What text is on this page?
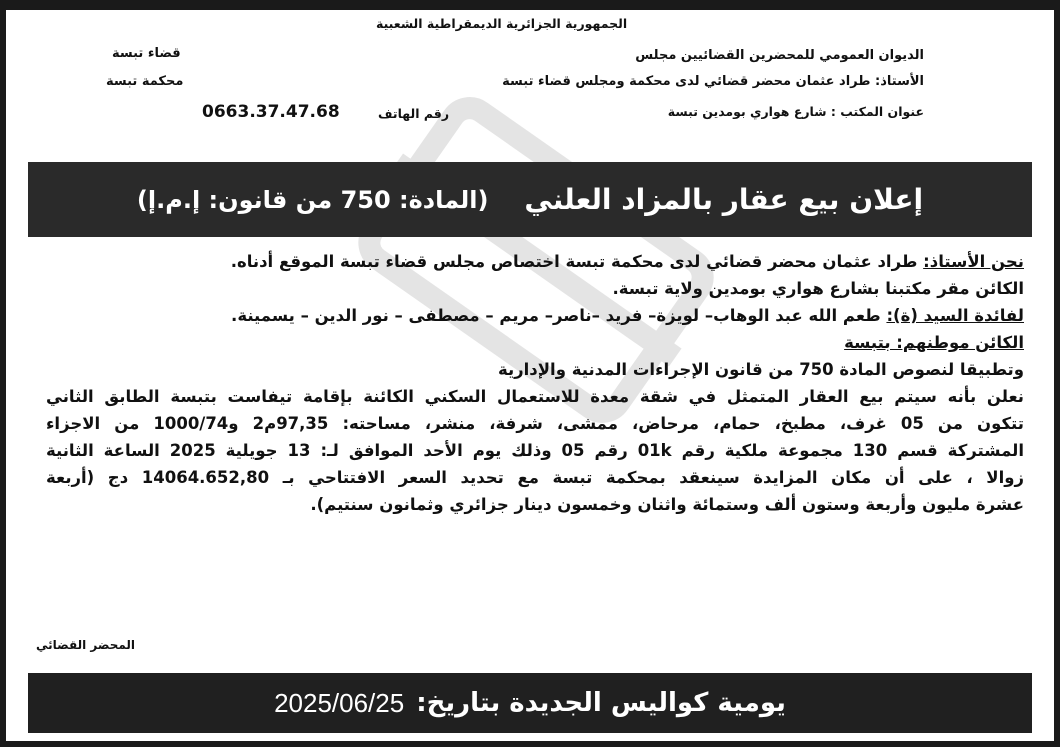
الجمهورية الجزائرية الديمقراطية الشعبية
الديوان العمومي للمحضرين القضائيين مجلس
الأستاذ: طراد عثمان محضر قضائي لدى محكمة ومجلس قضاء تبسة
عنوان المكتب : شارع هواري بومدين تبسة
رقم الهاتف
0663.37.47.68
قضاء تبسة
محكمة تبسة
إعلان بيع عقار بالمزاد العلني
(المادة: 750 من قانون: إ.م.إ)
نحن الأستاذ: طراد عثمان محضر قضائي لدى محكمة تبسة اختصاص مجلس قضاء تبسة الموقع أدناه.
الكائن مقر مكتبنا بشارع هواري بومدين ولاية تبسة.
لفائدة السيد (ة): طعم الله عبد الوهاب– لويزة– فريد –ناصر– مريم – مصطفى – نور الدين – يسمينة.
الكائن موطنهم: بتبسة
وتطبيقا لنصوص المادة 750 من قانون الإجراءات المدنية والإدارية
نعلن بأنه سيتم بيع العقار المتمثل في شقة معدة للاستعمال السكني الكائنة بإقامة تيفاست بتبسة الطابق الثاني
تتكون من 05 غرف، مطبخ، حمام، مرحاض، ممشى، شرفة، منشر، مساحته: 97,35م2 و1000/74 من الاجزاء
المشتركة قسم 130 مجموعة ملكية رقم 01k رقم 05 وذلك يوم الأحد الموافق لـ: 13 جويلية 2025 الساعة الثانية
زوالا ، على أن مكان المزايدة سينعقد بمحكمة تبسة مع تحديد السعر الافتتاحي بـ 14064.652,80 دج (أربعة
عشرة مليون وأربعة وستون ألف وستمائة واثنان وخمسون دينار جزائري وثمانون سنتيم).
المحضر القضائي
يومية كواليس الجديدة بتاريخ:
2025/06/25
